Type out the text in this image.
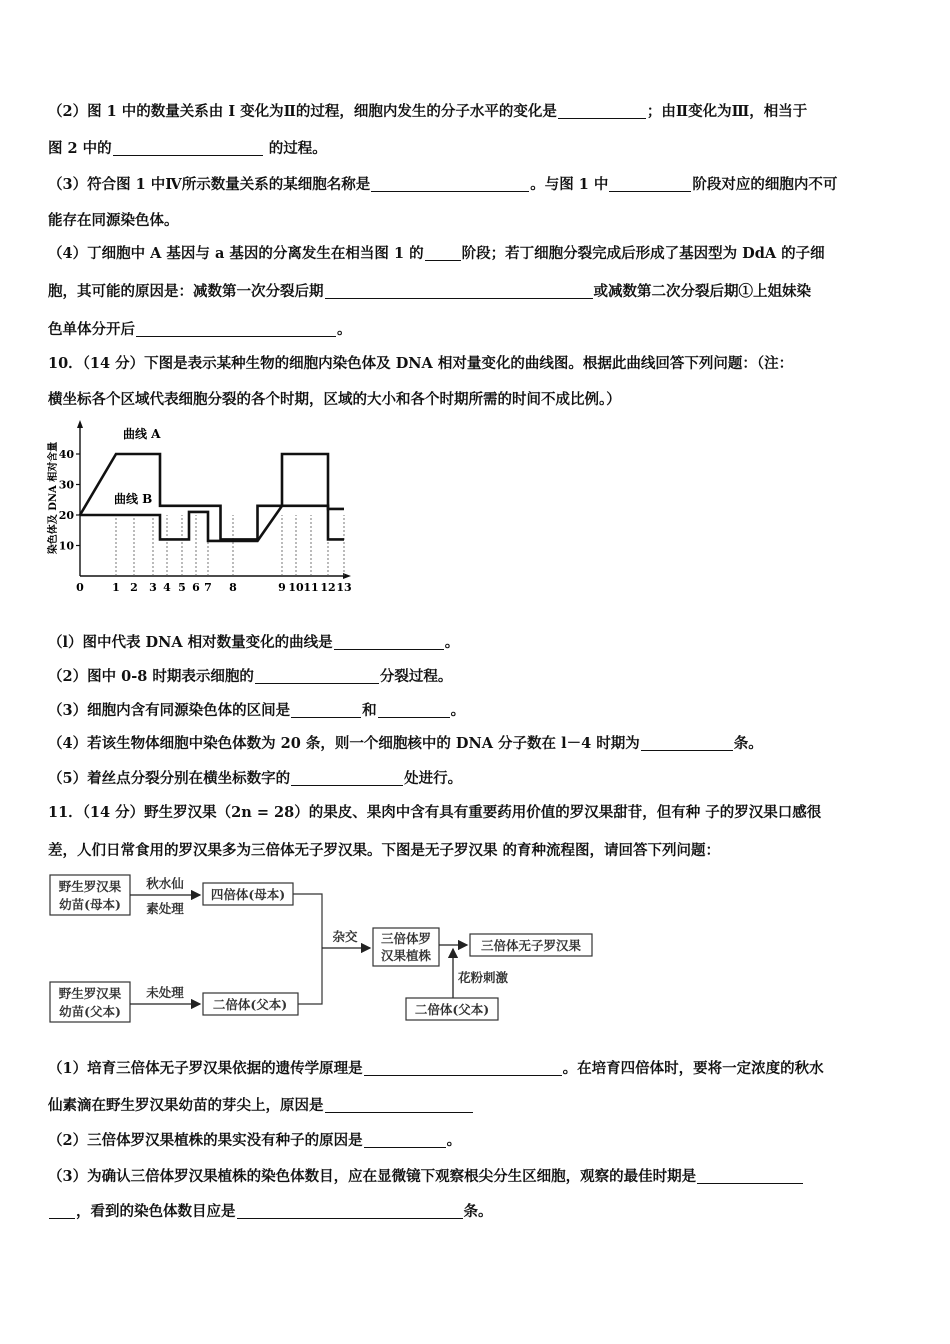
（2）图 1 中的数量关系由 I 变化为Ⅱ的过程，细胞内发生的分子水平的变化是	；由Ⅱ变化为Ⅲ，相当于
图 2 中的	的过程。
（3）符合图 1 中Ⅳ所示数量关系的某细胞名称是	。与图 1 中	阶段对应的细胞内不可
能存在同源染色体。
（4）丁细胞中 A 基因与 a 基因的分离发生在相当图 1 的	阶段；若丁细胞分裂完成后形成了基因型为 DdA 的子细
胞，其可能的原因是：减数第一次分裂后期	或减数第二次分裂后期①上姐妹染
色单体分开后	。
10．（14 分）下图是表示某种生物的细胞内染色体及 DNA 相对量变化的曲线图。根据此曲线回答下列问题：（注：
横坐标各个区域代表细胞分裂的各个时期，区域的大小和各个时期所需的时间不成比例。）
染色体及 DNA 相对含量
0	1 2 3 4 5 6 7 8	9 10 11 12 13
10
20
30
40
曲线 A
曲线 B
（l）图中代表 DNA 相对数量变化的曲线是	。
（2）图中 0-8 时期表示细胞的	分裂过程。
（3）细胞内含有同源染色体的区间是	和	。
（4）若该生物体细胞中染色体数为 20 条，则一个细胞核中的 DNA 分子数在 l－4 时期为	条。
（5）着丝点分裂分别在横坐标数字的	处进行。
11．（14 分）野生罗汉果（2n = 28）的果皮、果肉中含有具有重要药用价值的罗汉果甜苷，但有种 子的罗汉果口感很
差，人们日常食用的罗汉果多为三倍体无子罗汉果。下图是无子罗汉果 的育种流程图，请回答下列问题：
野生罗汉果
幼苗(母本)
秋水仙
素处理
四倍体(母本)
野生罗汉果
幼苗(父本)
未处理
二倍体(父本)
杂交 三倍体罗
汉果植株
三倍体无子罗汉果
花粉刺激
二倍体(父本)
（1）培育三倍体无子罗汉果依据的遗传学原理是	。在培育四倍体时，要将一定浓度的秋水
仙素滴在野生罗汉果幼苗的芽尖上，原因是
（2）三倍体罗汉果植株的果实没有种子的原因是	。
（3）为确认三倍体罗汉果植株的染色体数目，应在显微镜下观察根尖分生区细胞，观察的最佳时期是
，看到的染色体数目应是	条。
